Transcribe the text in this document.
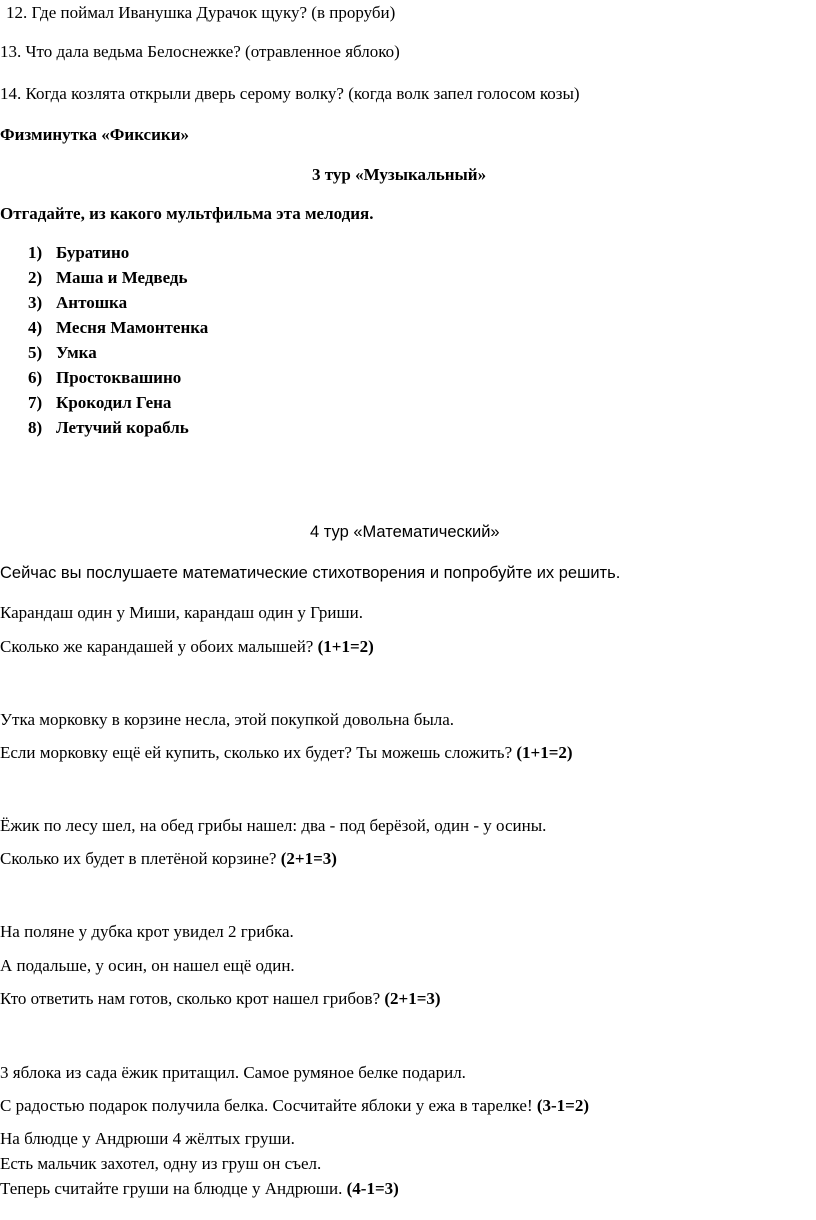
12. Где поймал Иванушка Дурачок щуку? (в проруби)
13. Что дала ведьма Белоснежке? (отравленное яблоко)
14. Когда козлята открыли дверь серому волку? (когда волк запел голосом козы)
Физминутка «Фиксики»
3 тур «Музыкальный»
Отгадайте, из какого мультфильма эта мелодия.
1) Буратино
2) Маша и Медведь
3) Антошка
4) Месня Мамонтенка
5) Умка
6) Простоквашино
7) Крокодил Гена
8) Летучий корабль
4 тур «Математический»
Сейчас вы послушаете математические стихотворения и попробуйте их решить.
Карандаш один у Миши, карандаш один у Гриши.
Сколько же карандашей у обоих малышей? (1+1=2)
Утка морковку в корзине несла, этой покупкой довольна была.
Если морковку ещё ей купить, сколько их будет? Ты можешь сложить? (1+1=2)
Ёжик по лесу шел, на обед грибы нашел: два - под берёзой, один - у осины.
Сколько их будет в плетёной корзине? (2+1=3)
На поляне у дубка крот увидел 2 грибка.
А подальше, у осин, он нашел ещё один.
Кто ответить нам готов, сколько крот нашел грибов? (2+1=3)
3 яблока из сада ёжик притащил. Самое румяное белке подарил.
С радостью подарок получила белка. Сосчитайте яблоки у ежа в тарелке! (3-1=2)
На блюдце у Андрюши 4 жёлтых груши.
Есть мальчик захотел, одну из груш он съел.
Теперь считайте груши на блюдце у Андрюши. (4-1=3)
